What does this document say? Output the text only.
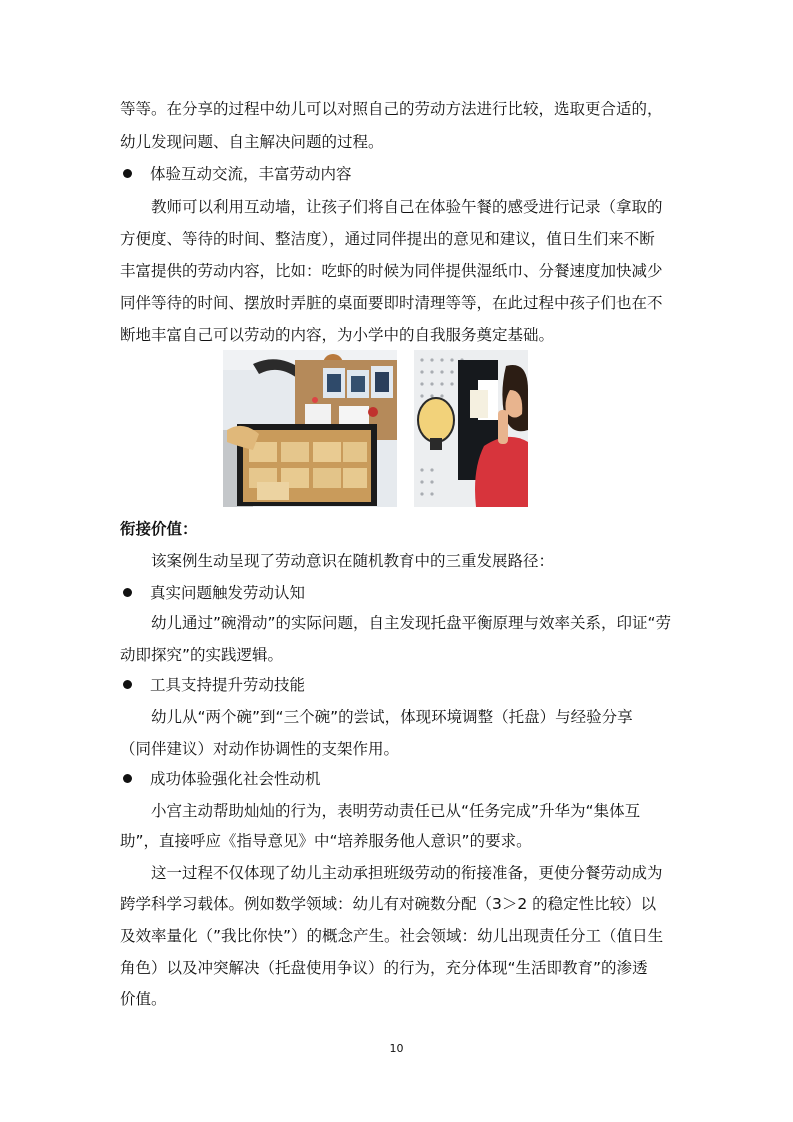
等等。在分享的过程中幼儿可以对照自己的劳动方法进行比较，选取更合适的，
幼儿发现问题、自主解决问题的过程。
体验互动交流，丰富劳动内容
教师可以利用互动墙，让孩子们将自己在体验午餐的感受进行记录（拿取的
方便度、等待的时间、整洁度），通过同伴提出的意见和建议，值日生们来不断
丰富提供的劳动内容，比如：吃虾的时候为同伴提供湿纸巾、分餐速度加快减少
同伴等待的时间、摆放时弄脏的桌面要即时清理等等，在此过程中孩子们也在不
断地丰富自己可以劳动的内容，为小学中的自我服务奠定基础。
衔接价值：
该案例生动呈现了劳动意识在随机教育中的三重发展路径：
真实问题触发劳动认知
幼儿通过”碗滑动”的实际问题，自主发现托盘平衡原理与效率关系，印证“劳
动即探究”的实践逻辑。
工具支持提升劳动技能
幼儿从“两个碗”到“三个碗”的尝试，体现环境调整（托盘）与经验分享
（同伴建议）对动作协调性的支架作用。
成功体验强化社会性动机
小宫主动帮助灿灿的行为，表明劳动责任已从“任务完成”升华为“集体互
助”，直接呼应《指导意见》中“培养服务他人意识”的要求。
这一过程不仅体现了幼儿主动承担班级劳动的衔接准备，更使分餐劳动成为
跨学科学习载体。例如数学领域：幼儿有对碗数分配（3＞2 的稳定性比较）以
及效率量化（”我比你快”）的概念产生。社会领域：幼儿出现责任分工（值日生
角色）以及冲突解决（托盘使用争议）的行为，充分体现“生活即教育”的渗透
价值。
10
